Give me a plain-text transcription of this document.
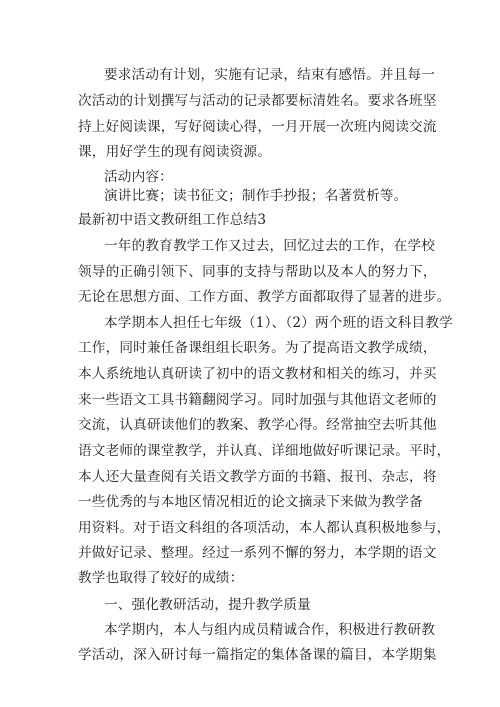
要求活动有计划，实施有记录，结束有感悟。并且每一
次活动的计划撰写与活动的记录都要标清姓名。要求各班坚
持上好阅读课，写好阅读心得，一月开展一次班内阅读交流
课，用好学生的现有阅读资源。
活动内容：
演讲比赛；读书征文；制作手抄报；名著赏析等。
最新初中语文教研组工作总结3
一年的教育教学工作又过去，回忆过去的工作，在学校
领导的正确引领下、同事的支持与帮助以及本人的努力下，
无论在思想方面、工作方面、教学方面都取得了显著的进步。
本学期本人担任七年级（1）、（2）两个班的语文科目教学
工作，同时兼任备课组组长职务。为了提高语文教学成绩，
本人系统地认真研读了初中的语文教材和相关的练习，并买
来一些语文工具书籍翻阅学习。同时加强与其他语文老师的
交流，认真研读他们的教案、教学心得。经常抽空去听其他
语文老师的课堂教学，并认真、详细地做好听课记录。平时，
本人还大量查阅有关语文教学方面的书籍、报刊、杂志，将
一些优秀的与本地区情况相近的论文摘录下来做为教学备
用资料。对于语文科组的各项活动，本人都认真积极地参与，
并做好记录、整理。经过一系列不懈的努力，本学期的语文
教学也取得了较好的成绩：
一、强化教研活动，提升教学质量
本学期内，本人与组内成员精诚合作，积极进行教研教
学活动，深入研讨每一篇指定的集体备课的篇目，本学期集
